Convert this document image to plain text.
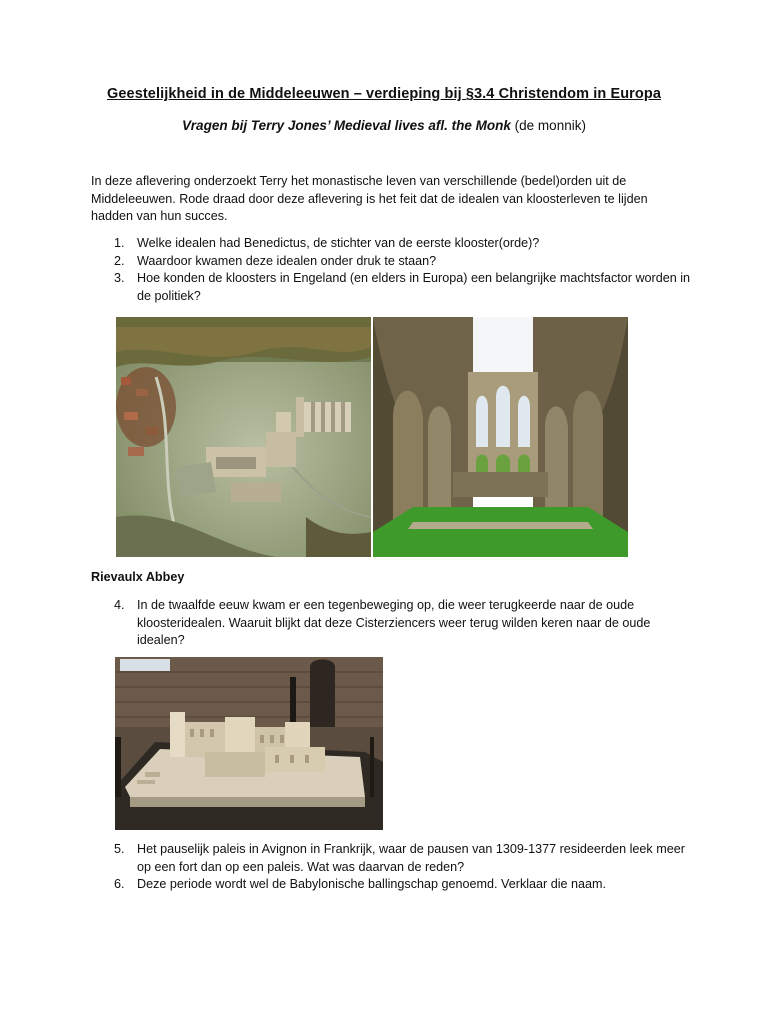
Geestelijkheid in de Middeleeuwen – verdieping bij §3.4 Christendom in Europa
Vragen bij Terry Jones’ Medieval lives afl. the Monk (de monnik)

In deze aflevering onderzoekt Terry het monastische leven van verschillende (bedel)orden uit de Middeleeuwen. Rode draad door deze aflevering is het feit dat de idealen van kloosterleven te lijden hadden van hun succes.

1. Welke idealen had Benedictus, de stichter van de eerste klooster(orde)?
2. Waardoor kwamen deze idealen onder druk te staan?
3. Hoe konden de kloosters in Engeland (en elders in Europa) een belangrijke machtsfactor worden in de politiek?
Rievaulx Abbey
4. In de twaalfde eeuw kwam er een tegenbeweging op, die weer terugkeerde naar de oude kloosteridealen. Waaruit blijkt dat deze Cisterziencers weer terug wilden keren naar de oude idealen?
5. Het pauselijk paleis in Avignon in Frankrijk, waar de pausen van 1309-1377 resideerden leek meer op een fort dan op een paleis. Wat was daarvan de reden?
6. Deze periode wordt wel de Babylonische ballingschap genoemd. Verklaar die naam.
